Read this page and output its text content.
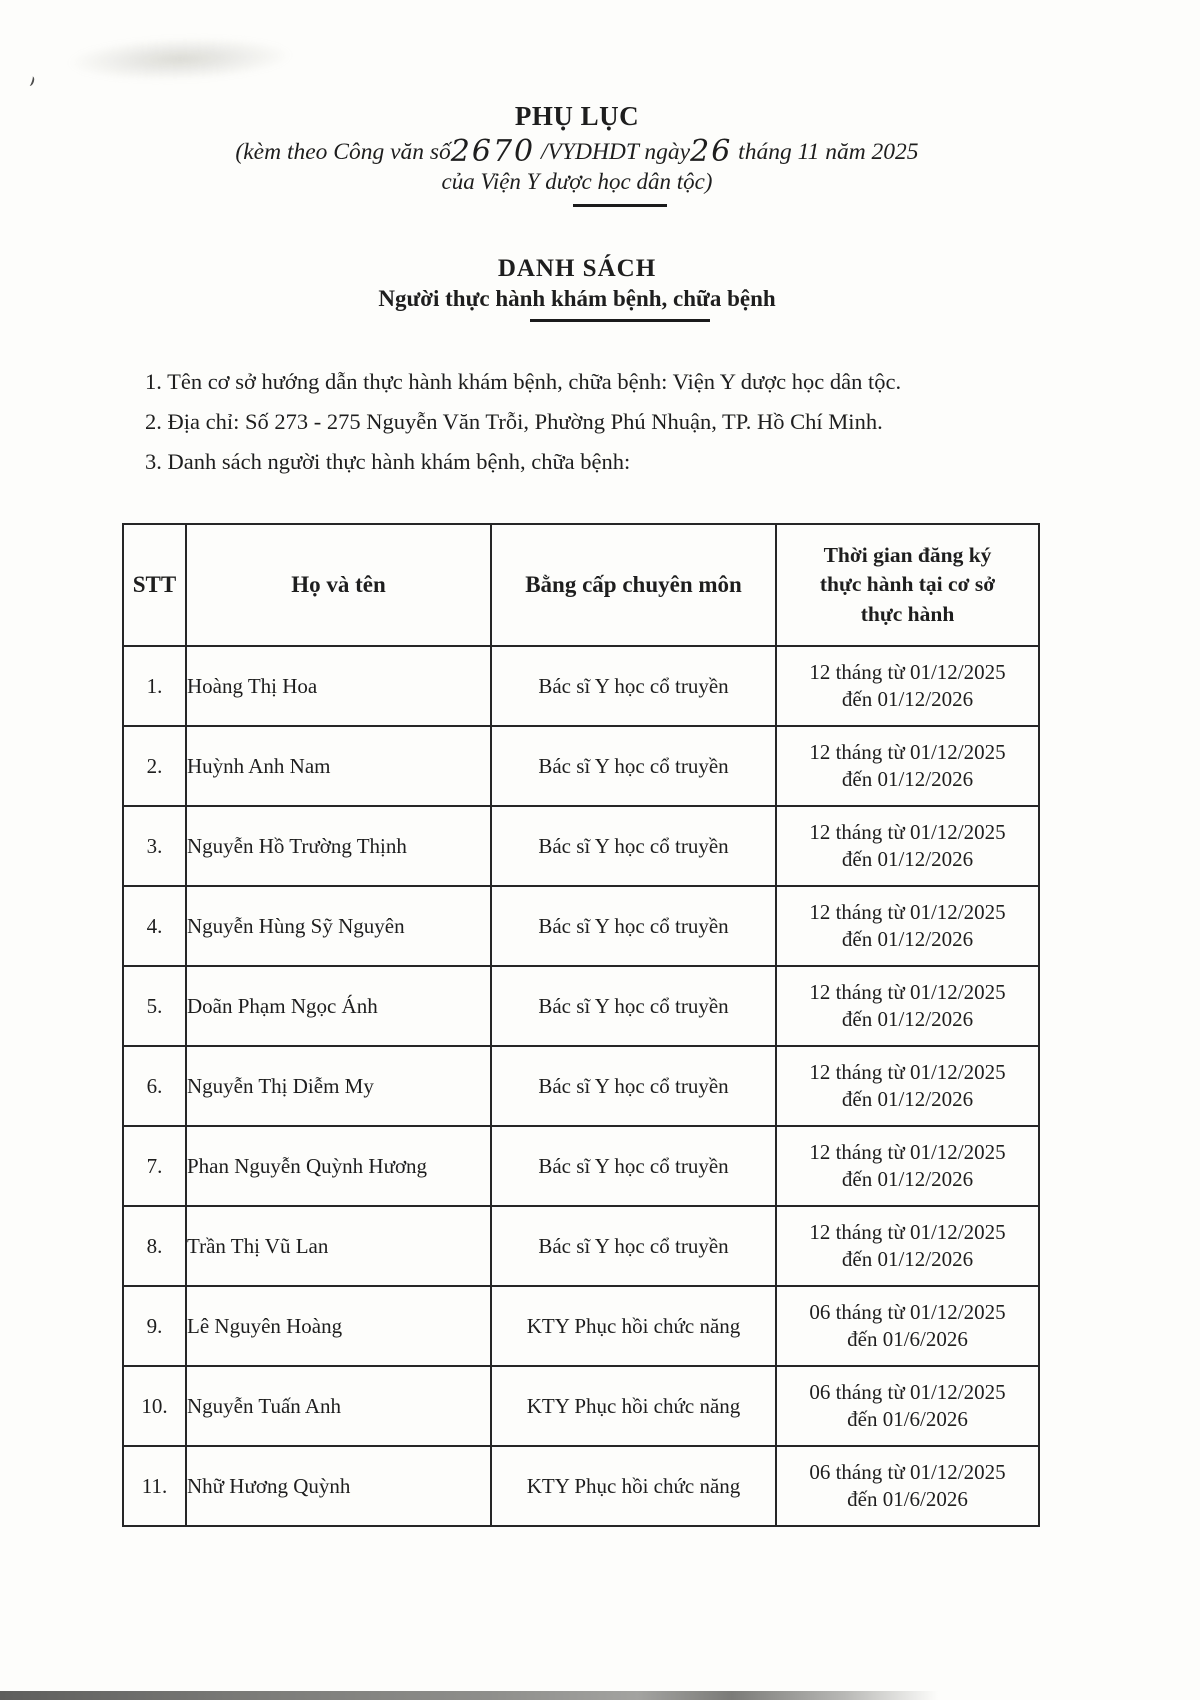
PHỤ LỤC
(kèm theo Công văn số2670 /VYDHDT ngày26 tháng 11 năm 2025
của Viện Y dược học dân tộc)
DANH SÁCH
Người thực hành khám bệnh, chữa bệnh

1. Tên cơ sở hướng dẫn thực hành khám bệnh, chữa bệnh: Viện Y dược học dân tộc.

2. Địa chỉ: Số 273 - 275 Nguyễn Văn Trỗi, Phường Phú Nhuận, TP. Hồ Chí Minh.

3. Danh sách người thực hành khám bệnh, chữa bệnh:

STT	Họ và tên	Bằng cấp chuyên môn	Thời gian đăng ký
thực hành tại cơ sở
thực hành

1.	Hoàng Thị Hoa	Bác sĩ Y học cổ truyền	12 tháng từ 01/12/2025
đến 01/12/2026

2.	Huỳnh Anh Nam	Bác sĩ Y học cổ truyền	12 tháng từ 01/12/2025
đến 01/12/2026

3.	Nguyễn Hồ Trường Thịnh	Bác sĩ Y học cổ truyền	12 tháng từ 01/12/2025
đến 01/12/2026

4.	Nguyễn Hùng Sỹ Nguyên	Bác sĩ Y học cổ truyền	12 tháng từ 01/12/2025
đến 01/12/2026

5.	Doãn Phạm Ngọc Ánh	Bác sĩ Y học cổ truyền	12 tháng từ 01/12/2025
đến 01/12/2026

6.	Nguyễn Thị Diễm My	Bác sĩ Y học cổ truyền	12 tháng từ 01/12/2025
đến 01/12/2026

7.	Phan Nguyễn Quỳnh Hương	Bác sĩ Y học cổ truyền	12 tháng từ 01/12/2025
đến 01/12/2026

8.	Trần Thị Vũ Lan	Bác sĩ Y học cổ truyền	12 tháng từ 01/12/2025
đến 01/12/2026

9.	Lê Nguyên Hoàng	KTY Phục hồi chức năng	06 tháng từ 01/12/2025
đến 01/6/2026

10.	Nguyễn Tuấn Anh	KTY Phục hồi chức năng	06 tháng từ 01/12/2025
đến 01/6/2026

11.	Nhữ Hương Quỳnh	KTY Phục hồi chức năng	06 tháng từ 01/12/2025
đến 01/6/2026
